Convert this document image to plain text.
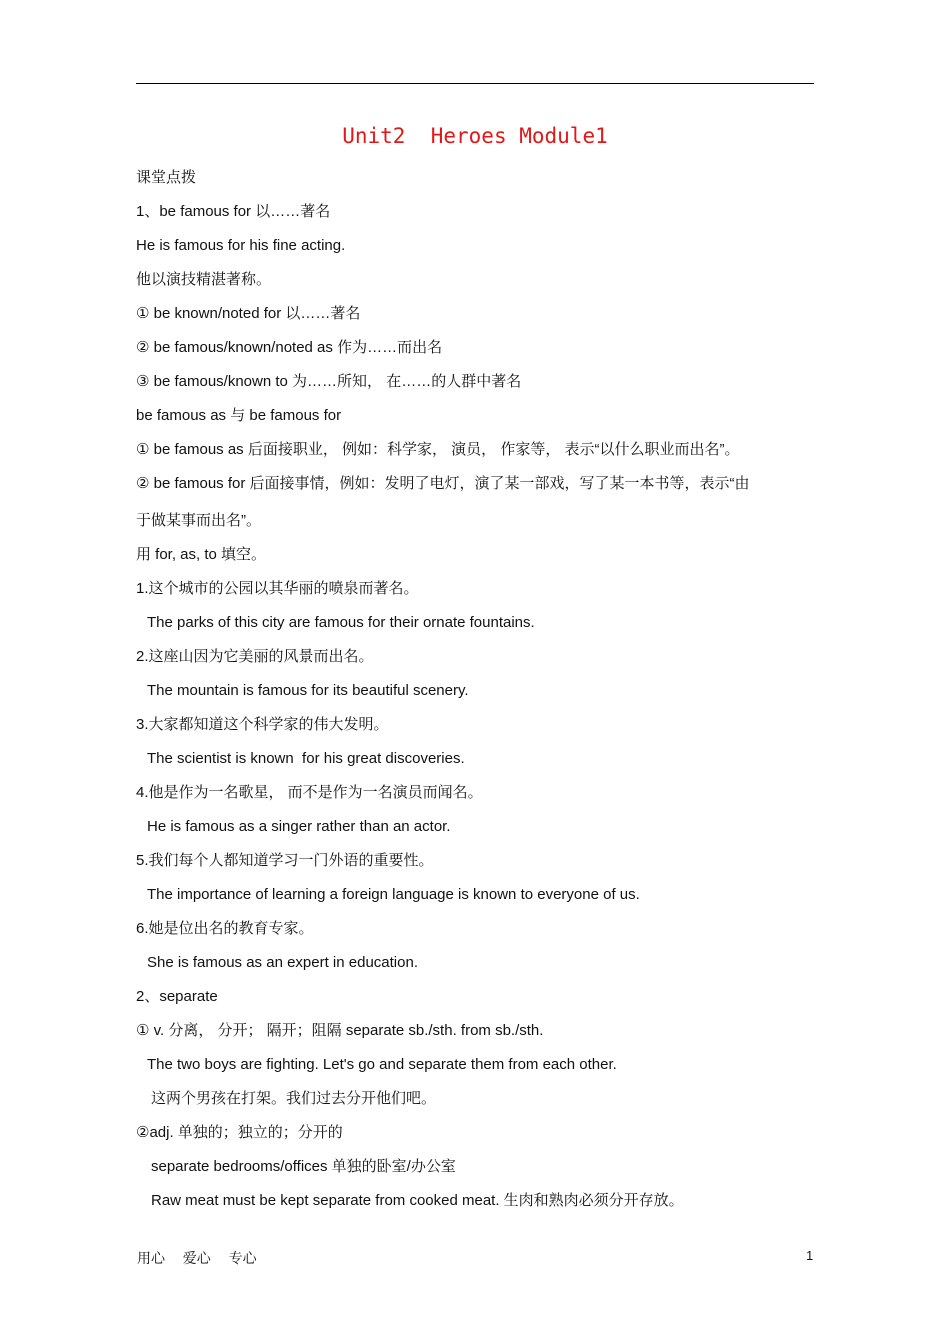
Unit2  Heroes Module1
课堂点拨
1、be famous for 以……著名
He is famous for his fine acting.
他以演技精湛著称。
① be known/noted for 以……著名
② be famous/known/noted as 作为……而出名
③ be famous/known to 为……所知， 在……的人群中著名
be famous as 与 be famous for
① be famous as 后面接职业， 例如：科学家， 演员， 作家等， 表示“以什么职业而出名”。
② be famous for 后面接事情，例如：发明了电灯，演了某一部戏，写了某一本书等，表示“由
于做某事而出名”。
用 for, as, to 填空。
1.这个城市的公园以其华丽的喷泉而著名。
The parks of this city are famous for their ornate fountains.
2.这座山因为它美丽的风景而出名。
The mountain is famous for its beautiful scenery.
3.大家都知道这个科学家的伟大发明。
The scientist is known  for his great discoveries.
4.他是作为一名歌星， 而不是作为一名演员而闻名。
He is famous as a singer rather than an actor.
5.我们每个人都知道学习一门外语的重要性。
The importance of learning a foreign language is known to everyone of us.
6.她是位出名的教育专家。
She is famous as an expert in education.
2、separate
① v. 分离， 分开； 隔开；阻隔 separate sb./sth. from sb./sth.
The two boys are fighting. Let's go and separate them from each other.
这两个男孩在打架。我们过去分开他们吧。
②adj. 单独的；独立的；分开的
separate bedrooms/offices 单独的卧室/办公室
Raw meat must be kept separate from cooked meat. 生肉和熟肉必须分开存放。
用心    爱心    专心	1
